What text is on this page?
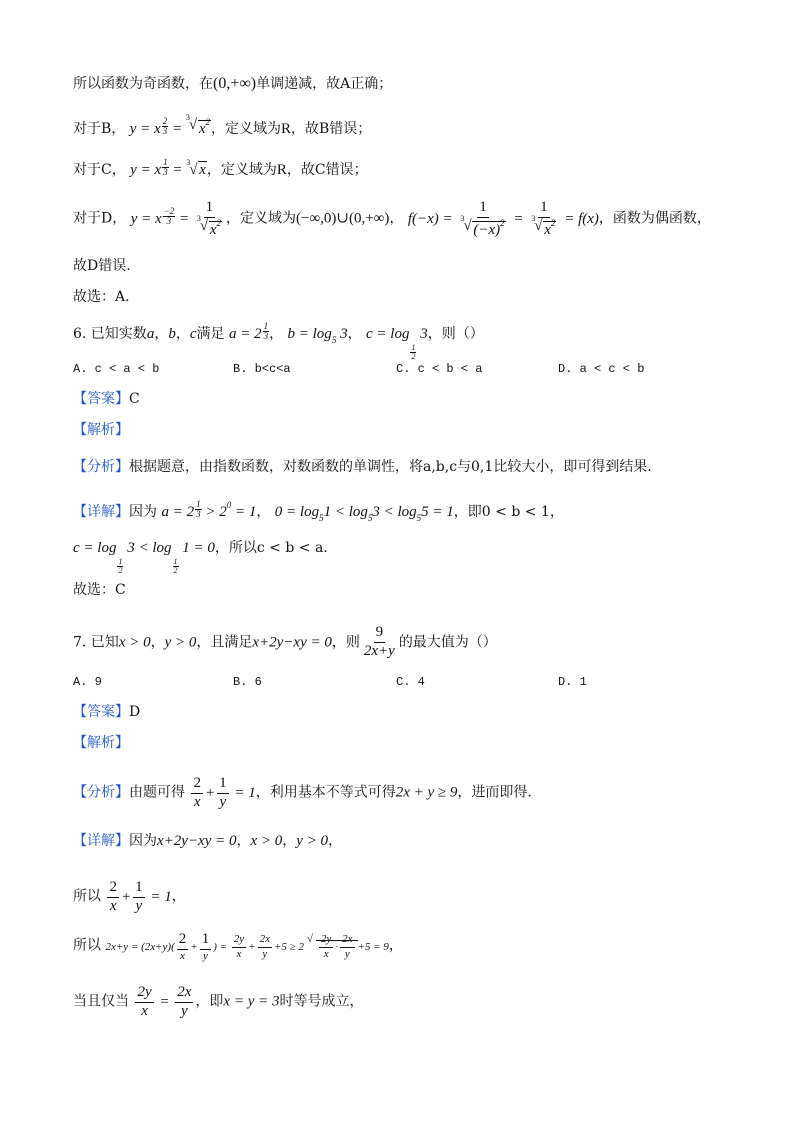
所以函数为奇函数，在(0,+∞)单调递减，故A正确；
对于B， y = x $\frac{2}{3}$ =
3 √ $x^2$，定义域为R，故B错误；
对于C， y = x $\frac{1}{3} = 3$ √ x，定义域为R，故C错误；
对于D， y = x $\frac{-2}{3} = \frac{1}{3 √ x^2}$ ，定义域为(−∞,0)∪(0,+∞)， $f(-x) = \frac{1}{3 √ (-x)^2} = \frac{1}{3 √ x^2} = f(x)$，函数为偶函数，
故D错误.
故选：A.
6. 已知实数a，b，c满足 $a = 2 \frac{1}{3}$ ， $b = \log_5 3$， c = log
$\frac{1}{2}$
3，则（）
A. c < a < b	B. b<c<a	C. c < b < a	D. a < c < b
【答案】C
【解析】
【分析】根据题意，由指数函数，对数函数的单调性，将a,b,c与0,1比较大小，即可得到结果.
【详解】因为 $a = 2 \frac{1}{3} > 2^0 = 1$， $0 = \log_51 < \log_53 < \log_55 = 1$，即0 < b < 1，
c = log
$\frac{1}{2}$
3 < log
$\frac{1}{2}$
1 = 0，所以c < b < a.
故选：C
7. 已知x > 0，y > 0，且满足x+2y−xy = 0，则 $\frac{9}{2x+y}$ 的最大值为（）
A. 9	B. 6	C. 4	D. 1
【答案】D
【解析】
【分析】由题可得 $\frac{2}{x} + \frac{1}{y} = 1$，利用基本不等式可得2x + y ≥ 9，进而即得.
【详解】因为x+2y−xy = 0，x > 0，y > 0，
所以 $\frac{2}{x} + \frac{1}{y} = 1$，
所以 $2x+y = (2x+y)( \frac{2}{x} + \frac{1}{y}$ ) = $\frac{2y}{x} + \frac{2x}{y} +5 \ge 2$
√ $\frac{2y}{x} \cdot \frac{2x}{y} +5 = 9$，
当且仅当 $\frac{2y}{x} = \frac{2x}{y}$ ，即x = y = 3时等号成立，
